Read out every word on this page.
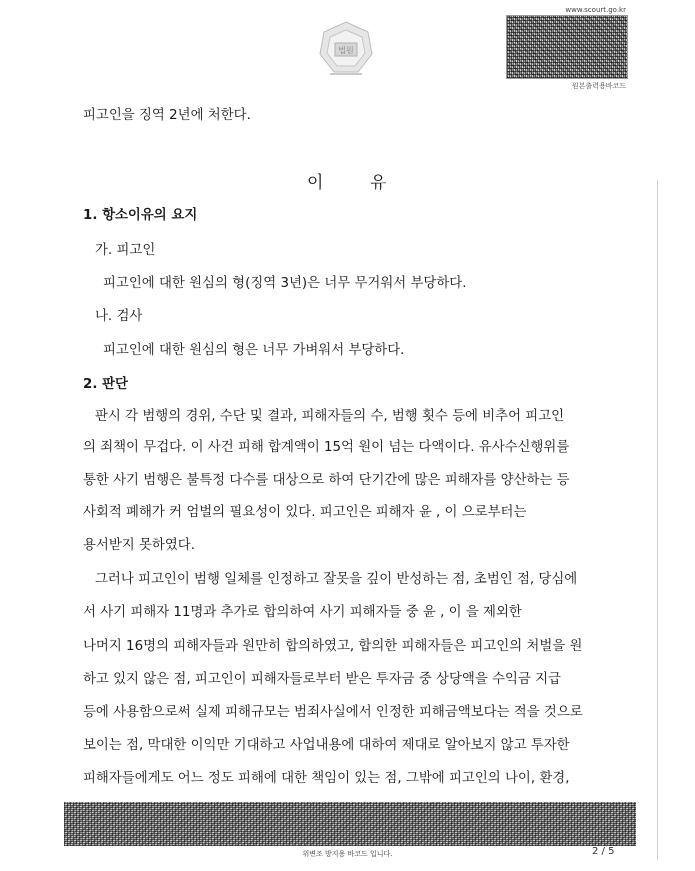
법원
www.scourt.go.kr
원본출력용바코드
피고인을 징역 2년에 처한다.
이	유
1. 항소이유의 요지
가. 피고인
피고인에 대한 원심의 형(징역 3년)은 너무 무거워서 부당하다.
나. 검사
피고인에 대한 원심의 형은 너무 가벼워서 부당하다.
2. 판단
판시 각 범행의 경위, 수단 및 결과, 피해자들의 수, 범행 횟수 등에 비추어 피고인
의 죄책이 무겁다. 이 사건 피해 합계액이 15억 원이 넘는 다액이다. 유사수신행위를
통한 사기 범행은 불특정 다수를 대상으로 하여 단기간에 많은 피해자를 양산하는 등
사회적 폐해가 커 엄벌의 필요성이 있다. 피고인은 피해자 윤 , 이 으로부터는
용서받지 못하였다.
그러나 피고인이 범행 일체를 인정하고 잘못을 깊이 반성하는 점, 초범인 점, 당심에
서 사기 피해자 11명과 추가로 합의하여 사기 피해자들 중 윤 , 이 을 제외한
나머지 16명의 피해자들과 원만히 합의하였고, 합의한 피해자들은 피고인의 처벌을 원
하고 있지 않은 점, 피고인이 피해자들로부터 받은 투자금 중 상당액을 수익금 지급
등에 사용함으로써 실제 피해규모는 범죄사실에서 인정한 피해금액보다는 적을 것으로
보이는 점, 막대한 이익만 기대하고 사업내용에 대하여 제대로 알아보지 않고 투자한
피해자들에게도 어느 정도 피해에 대한 책임이 있는 점, 그밖에 피고인의 나이, 환경,
위변조 방지용 바코드 입니다.	2 / 5
